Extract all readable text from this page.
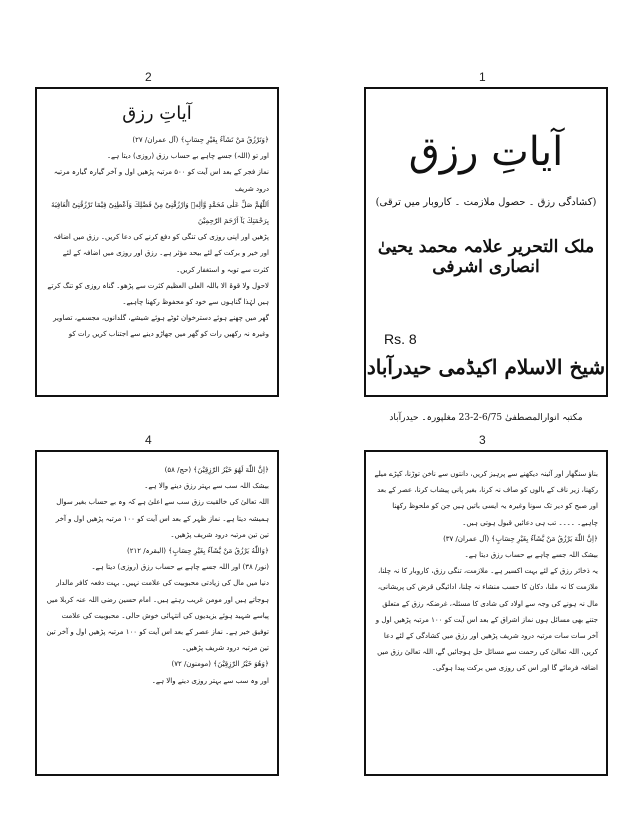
2	1
4	3
آیاتِ رزق
(کشادگی رزق ۔ حصول ملازمت ۔ کاروبار میں ترقی)
ملک التحریر علامہ محمد یحییٰ انصاری اشرفی
شیخ الاسلام اکیڈمی حیدرآباد
مکتبہ انوارالمصطفیٰ 6/75-2-23 مغلپورہ۔ حیدرآباد
Rs. 8
آیاتِ رزق

﴿وَتَرْزُقُ مَنْ تَشَآءُ بِغَيْرِ حِسَابٍ﴾ (آل عمران/ ۲۷)

اور تو (اللہ) جسے چاہے بے حساب رزق (روزی) دیتا ہے۔

نماز فجر کے بعد اس آیت کو ۵۰۰ مرتبہ پڑھیں اول و آخر گیارہ گیارہ مرتبہ درود شریف

اَللّٰهُمَّ صَلِّ عَلٰى مُحَمَّدٍ وَّاٰلِهٖ وَارْزُقْنِیْ مِنْ فَضْلِكَ وَاَعْطِنِیْ فِیْمَا تَرْزُقُنِیْ الْعَافِیَةَ بِرَحْمَتِكَ یَآ اَرْحَمَ الرّٰحِمِیْنَ

پڑھیں اور اپنی روزی کی تنگی کو دفع کرنے کی دعا کریں۔ رزق میں اضافہ اور خیر و برکت کے لئے بیحد مؤثر ہے۔ رزق اور روزی میں اضافہ کے لئے کثرت سے توبہ و استغفار کریں۔

لاحول ولا قوۃ الا باللہ العلی العظیم کثرت سے پڑھو۔ گناہ روزی کو تنگ کرتے ہیں لہٰذا گناہوں سے خود کو محفوظ رکھنا چاہیے۔

گھر میں چھنے ہوئے دسترخوان ٹوٹے ہوئے شیشے، گلدانوں، مجسمے، تصاویر وغیرہ نہ رکھیں رات کو گھر میں جھاڑو دینے سے اجتناب کریں رات کو

بناؤ سنگھار اور آئینہ دیکھنے سے پرہیز کریں، دانتوں سے ناخن توڑنا، کپڑے میلے رکھنا، زیر ناف کے بالوں کو صاف نہ کرنا، بغیر پانی پیشاب کرنا، عصر کے بعد اور صبح کو دیر تک سونا وغیرہ یہ ایسی باتیں ہیں جن کو ملحوظ رکھنا چاہیے۔ ۔۔۔۔ تب ہی دعائیں قبول ہوتی ہیں۔

﴿اِنَّ اللّٰهَ يَرْزُقُ مَنْ يَّشَآءُ بِغَيْرِ حِسَابٍ﴾ (آل عمران/ ۳۷)

بیشک اللہ جسے چاہے بے حساب رزق دیتا ہے۔

یہ ذخائر رزق کے لئے بہت اکسیر ہے۔ ملازمت، تنگی رزق، کاروبار کا نہ چلنا، ملازمت کا نہ ملنا، دکان کا حسب منشاء نہ چلنا، ادائیگی قرض کی پریشانی، مال نہ ہونے کی وجہ سے اولاد کی شادی کا مسئلہ، غرضکہ رزق کے متعلق جتنے بھی مسائل ہوں نماز اشراق کے بعد اس آیت کو ۱۰۰ مرتبہ پڑھیں اول و آخر سات سات مرتبہ درود شریف پڑھیں اور رزق میں کشادگی کے لئے دعا کریں، اللہ تعالیٰ کی رحمت سے مسائل حل ہوجائیں گے، اللہ تعالیٰ رزق میں اضافہ فرمائے گا اور اس کی روزی میں برکت پیدا ہوگی۔

﴿اِنَّ اللّٰهَ لَهُوَ خَيْرُ الرّٰزِقِيْنَ﴾ (حج/ ۵۸)

بیشک اللہ سب سے بہتر رزق دینے والا ہے۔

اللہ تعالیٰ کی خالقیت رزق سب سے اعلیٰ ہے کہ وہ بے حساب بغیر سوال ہمیشہ دیتا ہے۔ نماز ظہر کے بعد اس آیت کو ۱۰۰ مرتبہ پڑھیں اول و آخر تین تین مرتبہ درود شریف پڑھیں۔

﴿وَاللّٰهُ يَرْزُقُ مَنْ يَّشَآءُ بِغَيْرِ حِسَابٍ﴾ (البقرہ/ ۲۱۲)

(نور/ ۳۸) اور اللہ جسے چاہے بے حساب رزق (روزی) دیتا ہے۔

دنیا میں مال کی زیادتی محبوبیت کی علامت نہیں۔ بہت دفعہ کافر مالدار ہوجاتے ہیں اور مومن غریب رہتے ہیں۔ امام حسین رضی اللہ عنہ کربلا میں پیاسے شہید ہوئے یزیدیوں کی انتہائی خوش حالی۔ محبوبیت کی علامت توفیق خیر ہے۔ نماز عصر کے بعد اس آیت کو ۱۰۰ مرتبہ پڑھیں اول و آخر تین تین مرتبہ درود شریف پڑھیں۔

﴿وَهُوَ خَيْرُ الرّٰزِقِيْنَ﴾ (مومنون/ ۷۲)

اور وہ سب سے بہتر روزی دینے والا ہے۔
